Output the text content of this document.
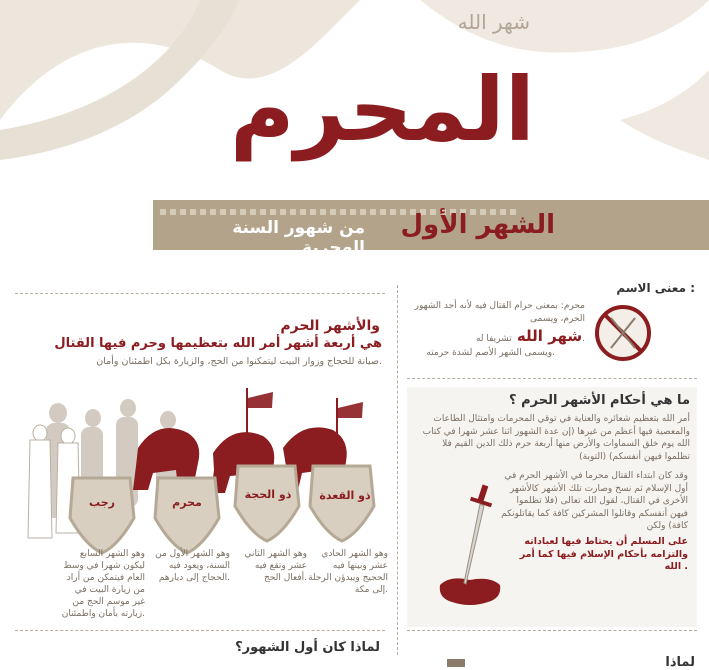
شهر الله
المحرم
الشهر الأول
من شهور السنة الهجرية
والأشهر الحرم
هي أربعة أشهر أمر الله بتعظيمها وحرم فيها القتال
صيانة للحجاج وزوار البيت ليتمكنوا من الحج، والزيارة بكل اطمئنان وأمان.
ذو القعدة
ذو الحجة
محرم
رجب
وهو الشهر الحادي عشر وبينها فيه الحجيج ويبدؤن الرحلة إلى مكة.
وهو الشهر الثاني عشر وتقع فيه أفعال الحج.
وهو الشهر الأول من السنة، ويعود فيه الحجاج إلى ديارهم.
وهو الشهر السابع ليكون شهرا في وسط العام فيتمكن من أراد من زيارة البيت في غير موسم الحج من زيارته بأمان واطمئنان.
لماذا كان أول الشهور؟
معنى الاسم :
محرم: بمعنى حرام القتال فيه لأنه أحد الشهور الحرم، ويسمى
شهر الله تشريفا له.
ويسمى الشهر الأصم لشدة حرمته.
ما هي أحكام الأشهر الحرم ؟
أمر الله بتعظيم شعائره والعناية في توقي المحرمات وامتثال الطاعات والمعصية فيها أعظم من غيرها (إن عدة الشهور اثنا عشر شهرا في كتاب الله يوم خلق السماوات والأرض منها أربعة حرم ذلك الدين القيم فلا تظلموا فيهن أنفسكم) (التوبة)
وقد كان ابتداء القتال محرما في الأشهر الحرم في أول الإسلام ثم نسخ وصارت تلك الأشهر كالأشهر الأخرى في القتال، لقول الله تعالى (فلا تظلموا فيهن أنفسكم وقاتلوا المشركين كافة كما يقاتلونكم كافة) ولكن
على المسلم أن يحتاط فيها لعباداته والتزامه بأحكام الإسلام فيها كما أمر الله .
لماذا
